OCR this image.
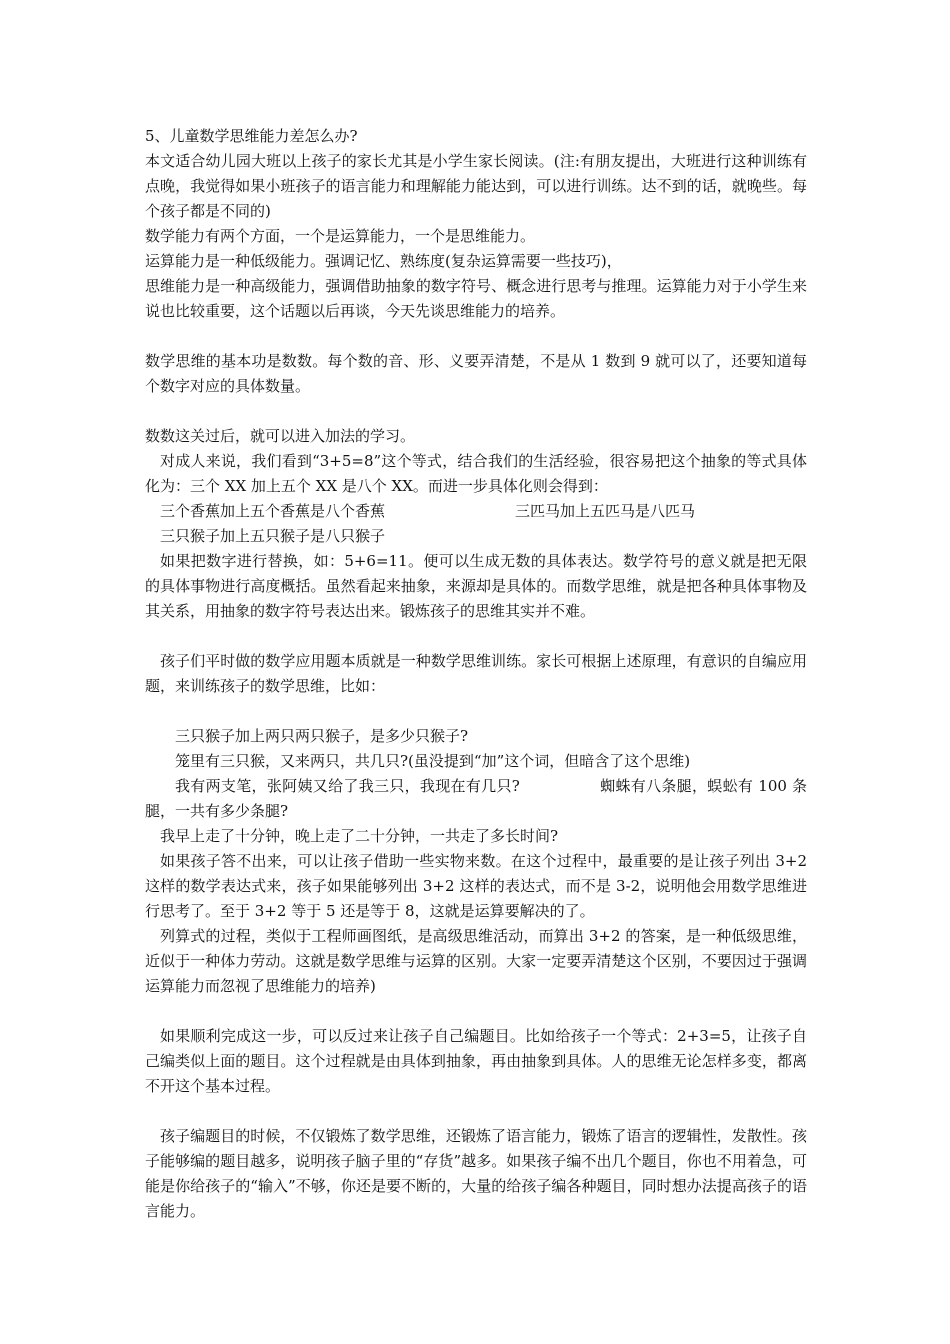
5、儿童数学思维能力差怎么办?

本文适合幼儿园大班以上孩子的家长尤其是小学生家长阅读。(注:有朋友提出，大班进行这种训练有点晚，我觉得如果小班孩子的语言能力和理解能力能达到，可以进行训练。达不到的话，就晚些。每个孩子都是不同的)

数学能力有两个方面，一个是运算能力，一个是思维能力。

运算能力是一种低级能力。强调记忆、熟练度(复杂运算需要一些技巧)，

思维能力是一种高级能力，强调借助抽象的数字符号、概念进行思考与推理。运算能力对于小学生来说也比较重要，这个话题以后再谈，今天先谈思维能力的培养。

数学思维的基本功是数数。每个数的音、形、义要弄清楚，不是从 1 数到 9 就可以了，还要知道每个数字对应的具体数量。

数数这关过后，就可以进入加法的学习。

对成人来说，我们看到“3+5=8”这个等式，结合我们的生活经验，很容易把这个抽象的等式具体化为：三个 XX 加上五个 XX 是八个 XX。而进一步具体化则会得到：

三个香蕉加上五个香蕉是八个香蕉	三匹马加上五匹马是八匹马

三只猴子加上五只猴子是八只猴子

如果把数字进行替换，如：5+6=11。便可以生成无数的具体表达。数学符号的意义就是把无限的具体事物进行高度概括。虽然看起来抽象，来源却是具体的。而数学思维，就是把各种具体事物及其关系，用抽象的数字符号表达出来。锻炼孩子的思维其实并不难。

孩子们平时做的数学应用题本质就是一种数学思维训练。家长可根据上述原理，有意识的自编应用题，来训练孩子的数学思维，比如：

三只猴子加上两只两只猴子，是多少只猴子?

笼里有三只猴，又来两只，共几只?(虽没提到“加”这个词，但暗含了这个思维)

我有两支笔，张阿姨又给了我三只，我现在有几只?	蜘蛛有八条腿，蜈蚣有 100 条腿，一共有多少条腿?

我早上走了十分钟，晚上走了二十分钟，一共走了多长时间?

如果孩子答不出来，可以让孩子借助一些实物来数。在这个过程中，最重要的是让孩子列出 3+2 这样的数学表达式来，孩子如果能够列出 3+2 这样的表达式，而不是 3-2，说明他会用数学思维进行思考了。至于 3+2 等于 5 还是等于 8，这就是运算要解决的了。

列算式的过程，类似于工程师画图纸，是高级思维活动，而算出 3+2 的答案，是一种低级思维，近似于一种体力劳动。这就是数学思维与运算的区别。大家一定要弄清楚这个区别，不要因过于强调运算能力而忽视了思维能力的培养)

如果顺利完成这一步，可以反过来让孩子自己编题目。比如给孩子一个等式：2+3=5，让孩子自己编类似上面的题目。这个过程就是由具体到抽象，再由抽象到具体。人的思维无论怎样多变，都离不开这个基本过程。

孩子编题目的时候，不仅锻炼了数学思维，还锻炼了语言能力，锻炼了语言的逻辑性，发散性。孩子能够编的题目越多，说明孩子脑子里的“存货”越多。如果孩子编不出几个题目，你也不用着急，可能是你给孩子的“输入”不够，你还是要不断的，大量的给孩子编各种题目，同时想办法提高孩子的语言能力。
